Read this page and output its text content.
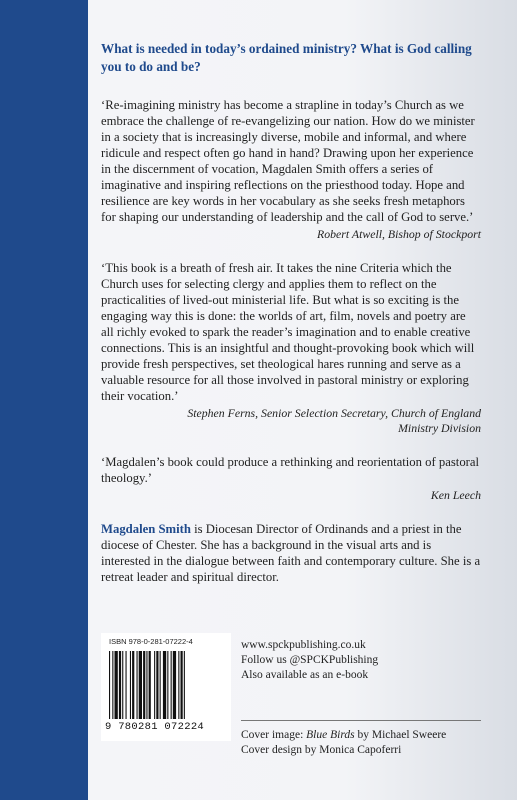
What is needed in today’s ordained ministry? What is God calling you to do and be?

‘Re-imagining ministry has become a strapline in today’s Church as we embrace the challenge of re-evangelizing our nation. How do we minister in a society that is increasingly diverse, mobile and informal, and where ridicule and respect often go hand in hand? Drawing upon her experience in the discernment of vocation, Magdalen Smith offers a series of imaginative and inspiring reflections on the priesthood today. Hope and resilience are key words in her vocabulary as she seeks fresh metaphors for shaping our understanding of leadership and the call of God to serve.’

Robert Atwell, Bishop of Stockport

‘This book is a breath of fresh air. It takes the nine Criteria which the Church uses for selecting clergy and applies them to reflect on the practicalities of lived-out ministerial life. But what is so exciting is the engaging way this is done: the worlds of art, film, novels and poetry are all richly evoked to spark the reader’s imagination and to enable creative connections. This is an insightful and thought-provoking book which will provide fresh perspectives, set theological hares running and serve as a valuable resource for all those involved in pastoral ministry or exploring their vocation.’

Stephen Ferns, Senior Selection Secretary, Church of England
Ministry Division

‘Magdalen’s book could produce a rethinking and reorientation of pastoral theology.’

Ken Leech

Magdalen Smith is Diocesan Director of Ordinands and a priest in the diocese of Chester. She has a background in the visual arts and is interested in the dialogue between faith and contemporary culture. She is a retreat leader and spiritual director.

ISBN 978-0-281-07222-4
9 780281 072224
www.spckpublishing.co.uk
Follow us @SPCKPublishing
Also available as an e-book
Cover image: Blue Birds by Michael Sweere
Cover design by Monica Capoferri
